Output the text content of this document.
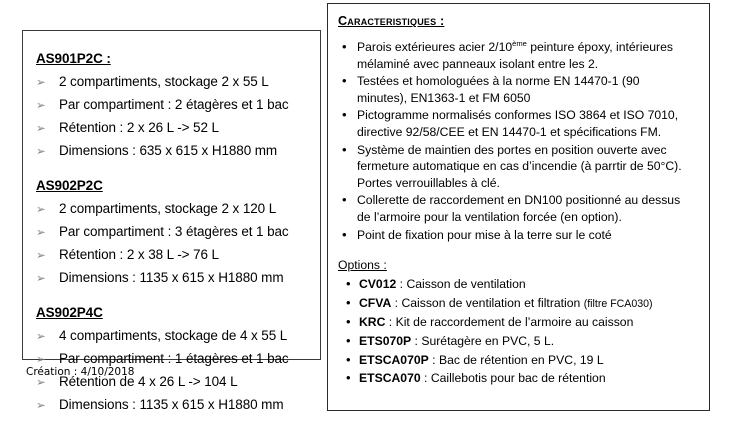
AS901P2C :
➢ 2 compartiments, stockage 2 x 55 L
➢ Par compartiment : 2 étagères et 1 bac
➢ Rétention : 2 x 26 L -> 52 L
➢ Dimensions : 635 x 615 x H1880 mm
AS902P2C
➢ 2 compartiments, stockage 2 x 120 L
➢ Par compartiment : 3 étagères et 1 bac
➢ Rétention : 2 x 38 L -> 76 L
➢ Dimensions : 1135 x 615 x H1880 mm
AS902P4C
➢ 4 compartiments, stockage de 4 x 55 L
➢ Par compartiment : 1 étagères et 1 bac
➢ Rétention de 4 x 26 L -> 104 L
➢ Dimensions : 1135 x 615 x H1880 mm
Création : 4/10/2018
Caracteristiques :
• Parois extérieures acier 2/10ème peinture époxy, intérieures mélaminé avec panneaux isolant entre les 2.
• Testées et homologuées à la norme EN 14470-1 (90 minutes), EN1363-1 et FM 6050
• Pictogramme normalisés conformes ISO 3864 et ISO 7010, directive 92/58/CEE et EN 14470-1 et spécifications FM.
• Système de maintien des portes en position ouverte avec fermeture automatique en cas d’incendie (à parrtir de 50°C). Portes verrouillables à clé.
• Collerette de raccordement en DN100 positionné au dessus de l’armoire pour la ventilation forcée (en option).
• Point de fixation pour mise à la terre sur le coté
Options :
• CV012 : Caisson de ventilation
• CFVA : Caisson de ventilation et filtration (filtre FCA030)
• KRC : Kit de raccordement de l’armoire au caisson
• ETS070P : Surétagère en PVC, 5 L.
• ETSCA070P : Bac de rétention en PVC, 19 L
• ETSCA070 : Caillebotis pour bac de rétention
